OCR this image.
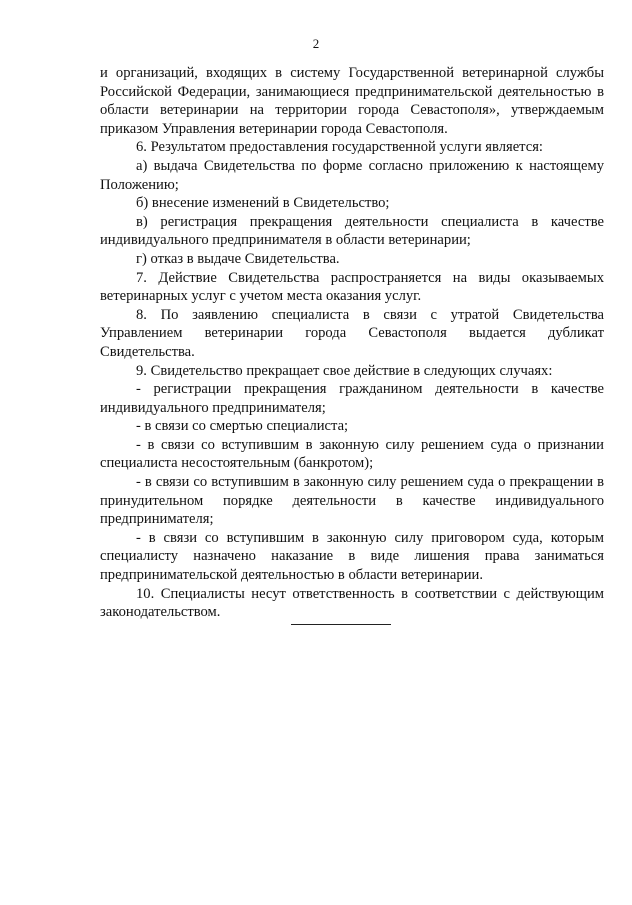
2

и организаций, входящих в систему Государственной ветеринарной службы Российской Федерации, занимающиеся предпринимательской деятельностью в области ветеринарии на территории города Севастополя», утверждаемым приказом Управления ветеринарии города Севастополя.

6. Результатом предоставления государственной услуги является:

а) выдача Свидетельства по форме согласно приложению к настоящему Положению;

б) внесение изменений в Свидетельство;

в) регистрация прекращения деятельности специалиста в качестве индивидуального предпринимателя в области ветеринарии;

г) отказ в выдаче Свидетельства.

7. Действие Свидетельства распространяется на виды оказываемых ветеринарных услуг с учетом места оказания услуг.

8. По заявлению специалиста в связи с утратой Свидетельства Управлением ветеринарии города Севастополя выдается дубликат Свидетельства.

9. Свидетельство прекращает свое действие в следующих случаях:

- регистрации прекращения гражданином деятельности в качестве индивидуального предпринимателя;

- в связи со смертью специалиста;

- в связи со вступившим в законную силу решением суда о признании специалиста несостоятельным (банкротом);

- в связи со вступившим в законную силу решением суда о прекращении в принудительном порядке деятельности в качестве индивидуального предпринимателя;

- в связи со вступившим в законную силу приговором суда, которым специалисту назначено наказание в виде лишения права заниматься предпринимательской деятельностью в области ветеринарии.

10. Специалисты несут ответственность в соответствии с действующим законодательством.
